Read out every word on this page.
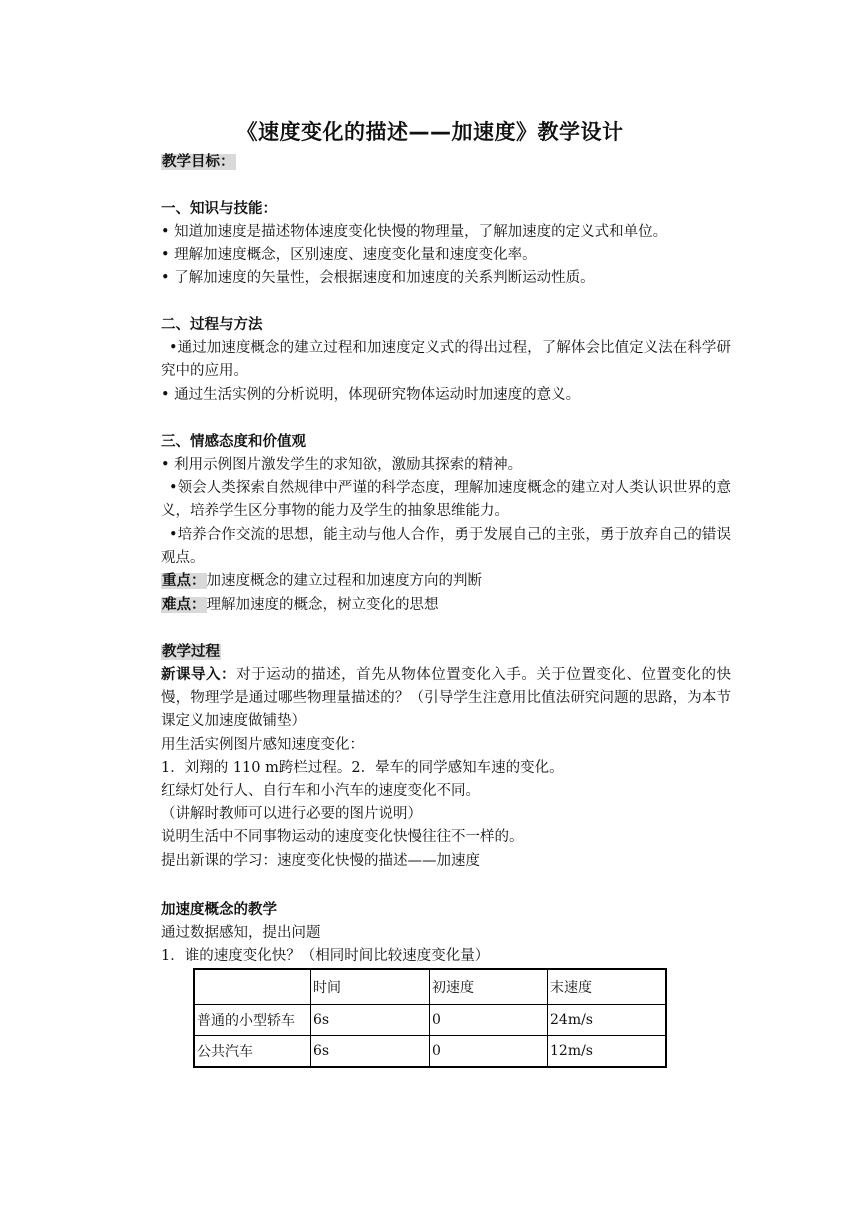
《速度变化的描述——加速度》教学设计
教学目标：
一、知识与技能：
• 知道加速度是描述物体速度变化快慢的物理量，了解加速度的定义式和单位。
• 理解加速度概念，区别速度、速度变化量和速度变化率。
• 了解加速度的矢量性，会根据速度和加速度的关系判断运动性质。
二、过程与方法
•通过加速度概念的建立过程和加速度定义式的得出过程，了解体会比值定义法在科学研究中的应用。
• 通过生活实例的分析说明，体现研究物体运动时加速度的意义。
三、情感态度和价值观
• 利用示例图片激发学生的求知欲，激励其探索的精神。
•领会人类探索自然规律中严谨的科学态度，理解加速度概念的建立对人类认识世界的意义，培养学生区分事物的能力及学生的抽象思维能力。
•培养合作交流的思想，能主动与他人合作，勇于发展自己的主张，勇于放弃自己的错误观点。
重点：加速度概念的建立过程和加速度方向的判断
难点：理解加速度的概念，树立变化的思想
教学过程
新课导入：对于运动的描述，首先从物体位置变化入手。关于位置变化、位置变化的快慢，物理学是通过哪些物理量描述的？（引导学生注意用比值法研究问题的思路，为本节课定义加速度做铺垫）
用生活实例图片感知速度变化：
1．刘翔的 110 m跨栏过程。2．晕车的同学感知车速的变化。
红绿灯处行人、自行车和小汽车的速度变化不同。
（讲解时教师可以进行必要的图片说明）
说明生活中不同事物运动的速度变化快慢往往不一样的。
提出新课的学习：速度变化快慢的描述——加速度
加速度概念的教学
通过数据感知，提出问题
1．谁的速度变化快？（相同时间比较速度变化量）
	时间	初速度	末速度
普通的小型轿车	6s	0	24m/s
公共汽车	6s	0	12m/s
